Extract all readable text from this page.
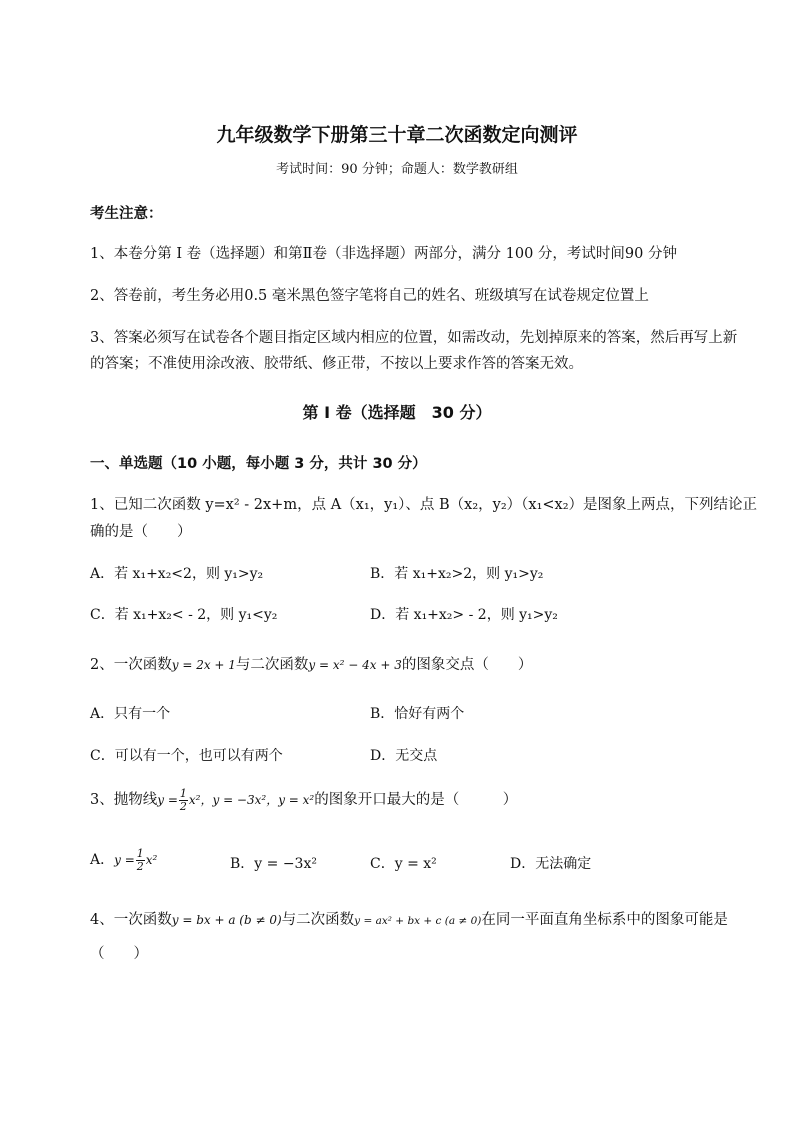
九年级数学下册第三十章二次函数定向测评
考试时间：90 分钟；命题人：数学教研组
考生注意：
1、本卷分第 I 卷（选择题）和第Ⅱ卷（非选择题）两部分，满分 100 分，考试时间90 分钟
2、答卷前，考生务必用0.5 毫米黑色签字笔将自己的姓名、班级填写在试卷规定位置上
3、答案必须写在试卷各个题目指定区域内相应的位置，如需改动，先划掉原来的答案，然后再写上新
的答案；不准使用涂改液、胶带纸、修正带，不按以上要求作答的答案无效。
第 I 卷（选择题　30 分）
一、单选题（10 小题，每小题 3 分，共计 30 分）
1、已知二次函数 y=x² - 2x+m，点 A（x₁，y₁）、点 B（x₂，y₂）（x₁<x₂）是图象上两点，下列结论正
确的是（　　）
A．若 x₁+x₂<2，则 y₁>y₂	B．若 x₁+x₂>2，则 y₁>y₂
C．若 x₁+x₂< - 2，则 y₁<y₂	D．若 x₁+x₂> - 2，则 y₁>y₂
2、一次函数y = 2x + 1与二次函数y = x² − 4x + 3的图象交点（　　）
A．只有一个	B．恰好有两个
C．可以有一个，也可以有两个	D．无交点
3、抛物线$y = \frac{1}{2} x^2$，y = −3x²，y = x²的图象开口最大的是（　　　）
A．$y = \frac{1}{2} x^2$	B．y = −3x²	C．y = x²	D．无法确定
4、一次函数y = bx + a (b ≠ 0)与二次函数y = ax² + bx + c (a ≠ 0)在同一平面直角坐标系中的图象可能是
（　　）
